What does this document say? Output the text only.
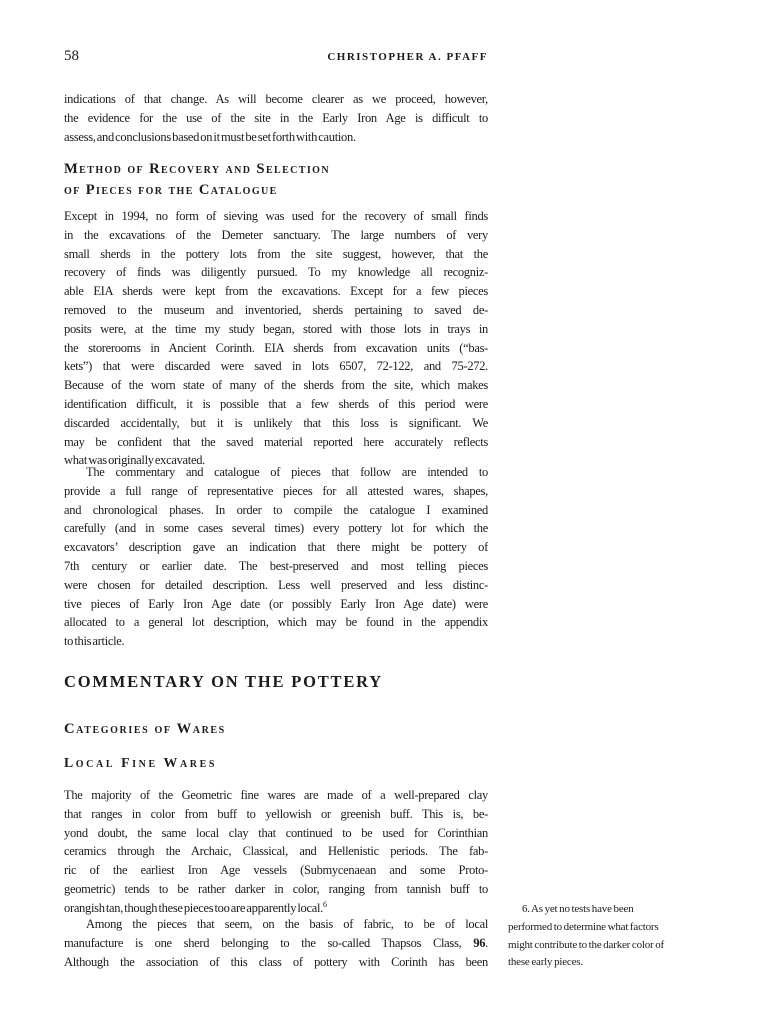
58	CHRISTOPHER A. PFAFF
indications of that change. As will become clearer as we proceed, however,
the evidence for the use of the site in the Early Iron Age is difficult to
assess, and conclusions based on it must be set forth with caution.
Method of Recovery and Selection
of Pieces for the Catalogue
Except in 1994, no form of sieving was used for the recovery of small finds
in the excavations of the Demeter sanctuary. The large numbers of very
small sherds in the pottery lots from the site suggest, however, that the
recovery of finds was diligently pursued. To my knowledge all recogniz-
able EIA sherds were kept from the excavations. Except for a few pieces
removed to the museum and inventoried, sherds pertaining to saved de-
posits were, at the time my study began, stored with those lots in trays in
the storerooms in Ancient Corinth. EIA sherds from excavation units (“bas-
kets”) that were discarded were saved in lots 6507, 72-122, and 75-272.
Because of the worn state of many of the sherds from the site, which makes
identification difficult, it is possible that a few sherds of this period were
discarded accidentally, but it is unlikely that this loss is significant. We
may be confident that the saved material reported here accurately reflects
what was originally excavated.
The commentary and catalogue of pieces that follow are intended to
provide a full range of representative pieces for all attested wares, shapes,
and chronological phases. In order to compile the catalogue I examined
carefully (and in some cases several times) every pottery lot for which the
excavators’ description gave an indication that there might be pottery of
7th century or earlier date. The best-preserved and most telling pieces
were chosen for detailed description. Less well preserved and less distinc-
tive pieces of Early Iron Age date (or possibly Early Iron Age date) were
allocated to a general lot description, which may be found in the appendix
to this article.
COMMENTARY ON THE POTTERY
Categories of Wares
Local Fine Wares
The majority of the Geometric fine wares are made of a well-prepared clay
that ranges in color from buff to yellowish or greenish buff. This is, be-
yond doubt, the same local clay that continued to be used for Corinthian
ceramics through the Archaic, Classical, and Hellenistic periods. The fab-
ric of the earliest Iron Age vessels (Submycenaean and some Proto-
geometric) tends to be rather darker in color, ranging from tannish buff to
orangish tan, though these pieces too are apparently local.$^6$
Among the pieces that seem, on the basis of fabric, to be of local
manufacture is one sherd belonging to the so-called Thapsos Class, 96.
Although the association of this class of pottery with Corinth has been
6. As yet no tests have been
performed to determine what factors
might contribute to the darker color of
these early pieces.
